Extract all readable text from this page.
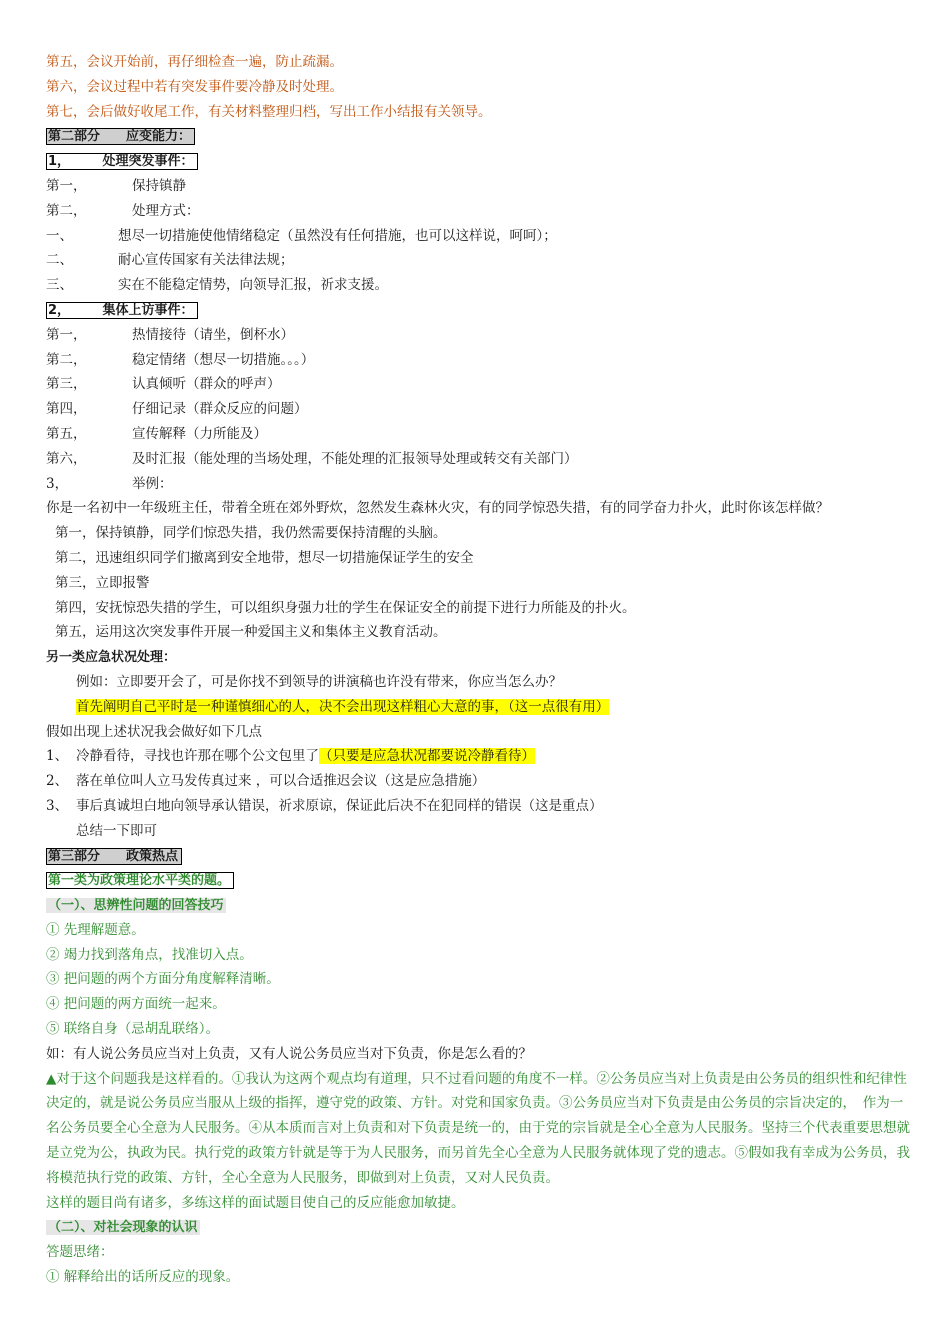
第五，会议开始前，再仔细检查一遍，防止疏漏。
第六，会议过程中若有突发事件要冷静及时处理。
第七，会后做好收尾工作，有关材料整理归档，写出工作小结报有关领导。
第二部分　　应变能力：
1，　　　处理突发事件：
第一，	保持镇静
第二，	处理方式：
一、	想尽一切措施使他情绪稳定（虽然没有任何措施，也可以这样说，呵呵）；
二、	耐心宣传国家有关法律法规；
三、	实在不能稳定情势，向领导汇报，祈求支援。
2，　　　集体上访事件：
第一，	热情接待（请坐，倒杯水）
第二，	稳定情绪（想尽一切措施。。。）
第三，	认真倾听（群众的呼声）
第四，	仔细记录（群众反应的问题）
第五，	宣传解释（力所能及）
第六，	及时汇报（能处理的当场处理，不能处理的汇报领导处理或转交有关部门）
3，	举例：
你是一名初中一年级班主任，带着全班在郊外野炊，忽然发生森林火灾，有的同学惊恐失措，有的同学奋力扑火，此时你该怎样做？
第一，保持镇静，同学们惊恐失措，我仍然需要保持清醒的头脑。
第二，迅速组织同学们撤离到安全地带，想尽一切措施保证学生的安全
第三，立即报警
第四，安抚惊恐失措的学生，可以组织身强力壮的学生在保证安全的前提下进行力所能及的扑火。
第五，运用这次突发事件开展一种爱国主义和集体主义教育活动。
另一类应急状况处理：
例如：立即要开会了，可是你找不到领导的讲演稿也许没有带来，你应当怎么办？
首先阐明自己平时是一种谨慎细心的人，决不会出现这样粗心大意的事，（这一点很有用）
假如出现上述状况我会做好如下几点
1、 冷静看待，寻找也许那在哪个公文包里了（只要是应急状况都要说冷静看待）
2、 落在单位叫人立马发传真过来 ，可以合适推迟会议（这是应急措施）
3、 事后真诚坦白地向领导承认错误，祈求原谅，保证此后决不在犯同样的错误（这是重点）
总结一下即可
第三部分　　政策热点
第一类为政策理论水平类的题。
（一）、思辨性问题的回答技巧
① 先理解题意。
② 竭力找到落角点，找准切入点。
③ 把问题的两个方面分角度解释清晰。
④ 把问题的两方面统一起来。
⑤ 联络自身（忌胡乱联络）。
如：有人说公务员应当对上负责，又有人说公务员应当对下负责，你是怎么看的？
▲对于这个问题我是这样看的。①我认为这两个观点均有道理，只不过看问题的角度不一样。②公务员应当对上负责是由公务员的组织性和纪律性决定的，就是说公务员应当服从上级的指挥，遵守党的政策、方针。对党和国家负责。③公务员应当对下负责是由公务员的宗旨决定的，　作为一名公务员要全心全意为人民服务。④从本质而言对上负责和对下负责是统一的，由于党的宗旨就是全心全意为人民服务。坚持三个代表重要思想就是立党为公，执政为民。执行党的政策方针就是等于为人民服务，而另首先全心全意为人民服务就体现了党的遗志。⑤假如我有幸成为公务员，我将模范执行党的政策、方针，全心全意为人民服务，即做到对上负责，又对人民负责。
这样的题目尚有诸多，多练这样的面试题目使自己的反应能愈加敏捷。
（二）、对社会现象的认识
答题思绪：
① 解释给出的话所反应的现象。
